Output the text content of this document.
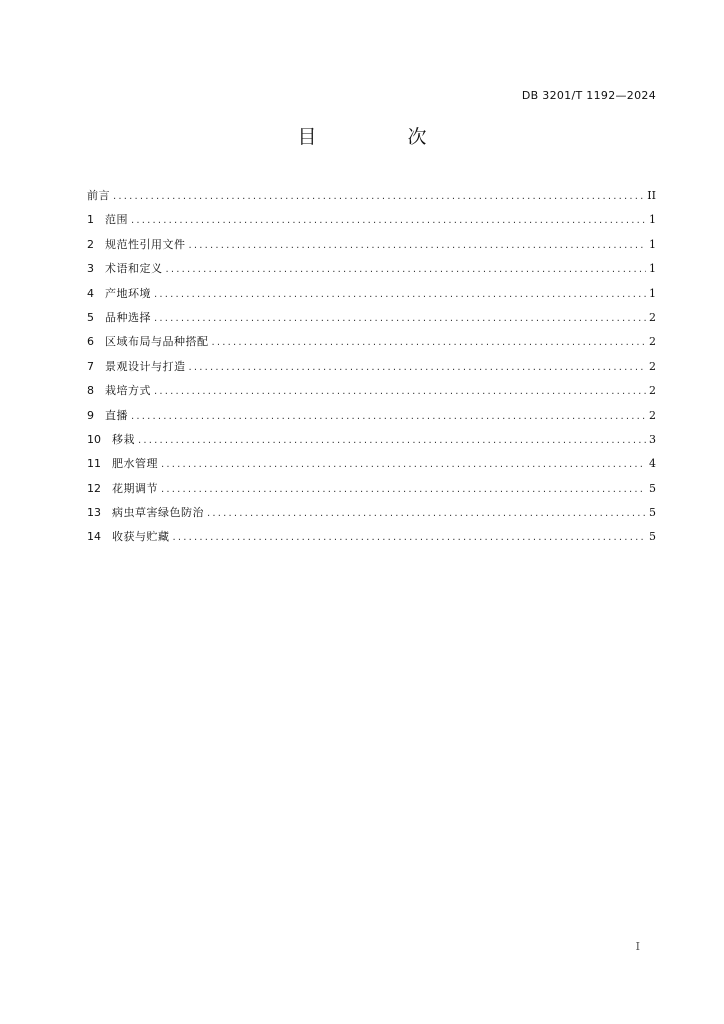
DB 3201/T 1192—2024
目　次
前言 .....	II
1	范围 .....	1
2	规范性引用文件 .....	1
3	术语和定义 .....	1
4	产地环境 .....	1
5	品种选择 .....	2
6	区域布局与品种搭配 .....	2
7	景观设计与打造 .....	2
8	栽培方式 .....	2
9	直播 .....	2
10	移栽 .....	3
11	肥水管理 .....	4
12	花期调节 .....	5
13	病虫草害绿色防治 .....	5
14	收获与贮藏 .....	5
I
